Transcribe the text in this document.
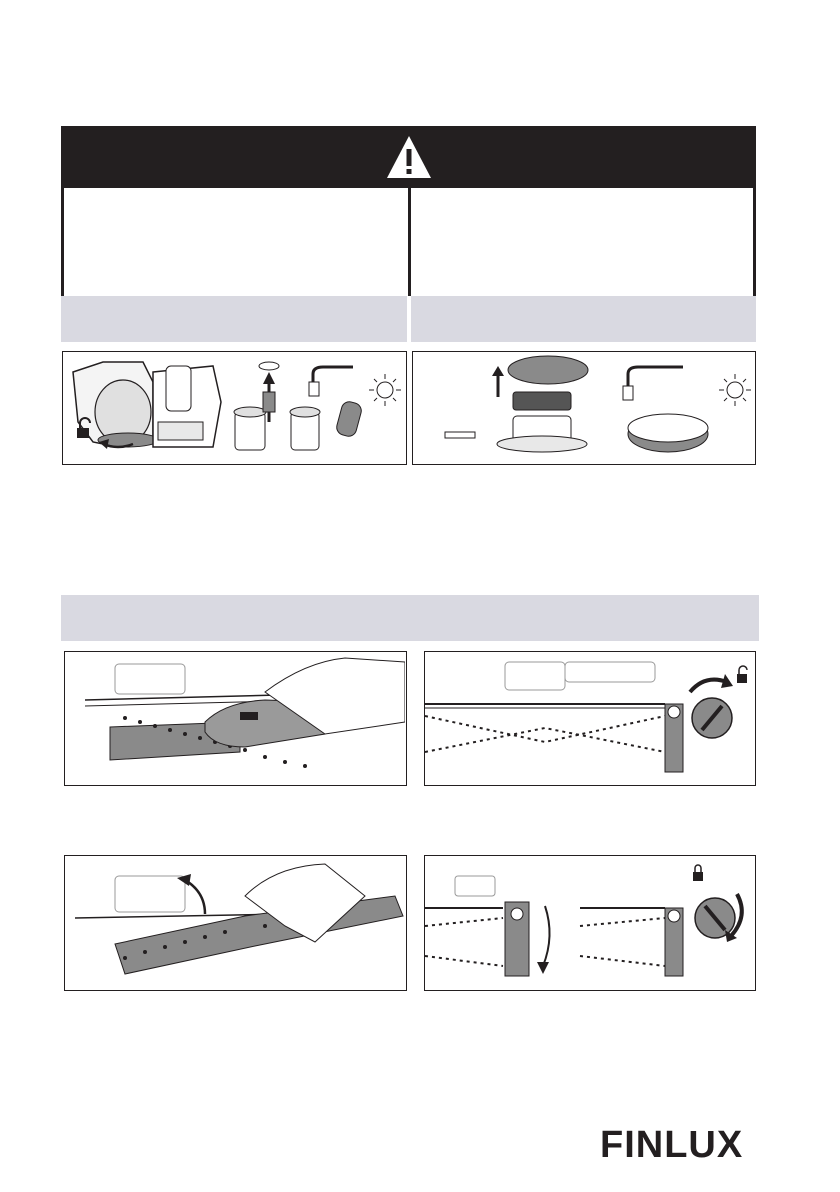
FINLUX
